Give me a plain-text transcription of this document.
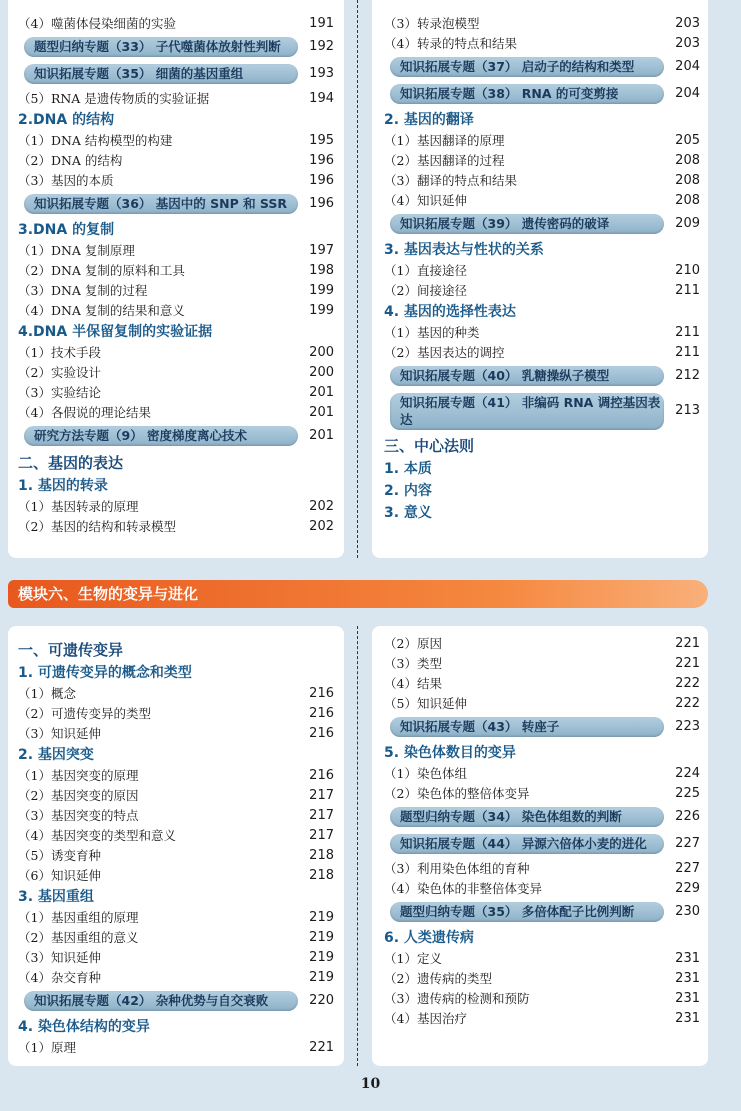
（4）噬菌体侵染细菌的实验	191
题型归纳专题（33） 子代噬菌体放射性判断	192
知识拓展专题（35） 细菌的基因重组	193
（5）RNA 是遗传物质的实验证据	194
2.DNA 的结构
（1）DNA 结构模型的构建	195
（2）DNA 的结构	196
（3）基因的本质	196
知识拓展专题（36） 基因中的 SNP 和 SSR	196
3.DNA 的复制
（1）DNA 复制原理	197
（2）DNA 复制的原料和工具	198
（3）DNA 复制的过程	199
（4）DNA 复制的结果和意义	199
4.DNA 半保留复制的实验证据
（1）技术手段	200
（2）实验设计	200
（3）实验结论	201
（4）各假说的理论结果	201
研究方法专题（9） 密度梯度离心技术	201
二、基因的表达
1. 基因的转录
（1）基因转录的原理	202
（2）基因的结构和转录模型	202
（3）转录泡模型	203
（4）转录的特点和结果	203
知识拓展专题（37） 启动子的结构和类型	204
知识拓展专题（38） RNA 的可变剪接	204
2. 基因的翻译
（1）基因翻译的原理	205
（2）基因翻译的过程	208
（3）翻译的特点和结果	208
（4）知识延伸	208
知识拓展专题（39） 遗传密码的破译	209
3. 基因表达与性状的关系
（1）直接途径	210
（2）间接途径	211
4. 基因的选择性表达
（1）基因的种类	211
（2）基因表达的调控	211
知识拓展专题（40） 乳糖操纵子模型	212
知识拓展专题（41） 非编码 RNA 调控基因表达
213
三、中心法则
1. 本质
2. 内容
3. 意义
模块六、生物的变异与进化
一、可遗传变异
1. 可遗传变异的概念和类型
（1）概念	216
（2）可遗传变异的类型	216
（3）知识延伸	216
2. 基因突变
（1）基因突变的原理	216
（2）基因突变的原因	217
（3）基因突变的特点	217
（4）基因突变的类型和意义	217
（5）诱变育种	218
（6）知识延伸	218
3. 基因重组
（1）基因重组的原理	219
（2）基因重组的意义	219
（3）知识延伸	219
（4）杂交育种	219
知识拓展专题（42） 杂种优势与自交衰败	220
4. 染色体结构的变异
（1）原理	221
（2）原因	221
（3）类型	221
（4）结果	222
（5）知识延伸	222
知识拓展专题（43） 转座子	223
5. 染色体数目的变异
（1）染色体组	224
（2）染色体的整倍体变异	225
题型归纳专题（34） 染色体组数的判断	226
知识拓展专题（44） 异源六倍体小麦的进化	227
（3）利用染色体组的育种	227
（4）染色体的非整倍体变异	229
题型归纳专题（35） 多倍体配子比例判断	230
6. 人类遗传病
（1）定义	231
（2）遗传病的类型	231
（3）遗传病的检测和预防	231
（4）基因治疗	231
10
